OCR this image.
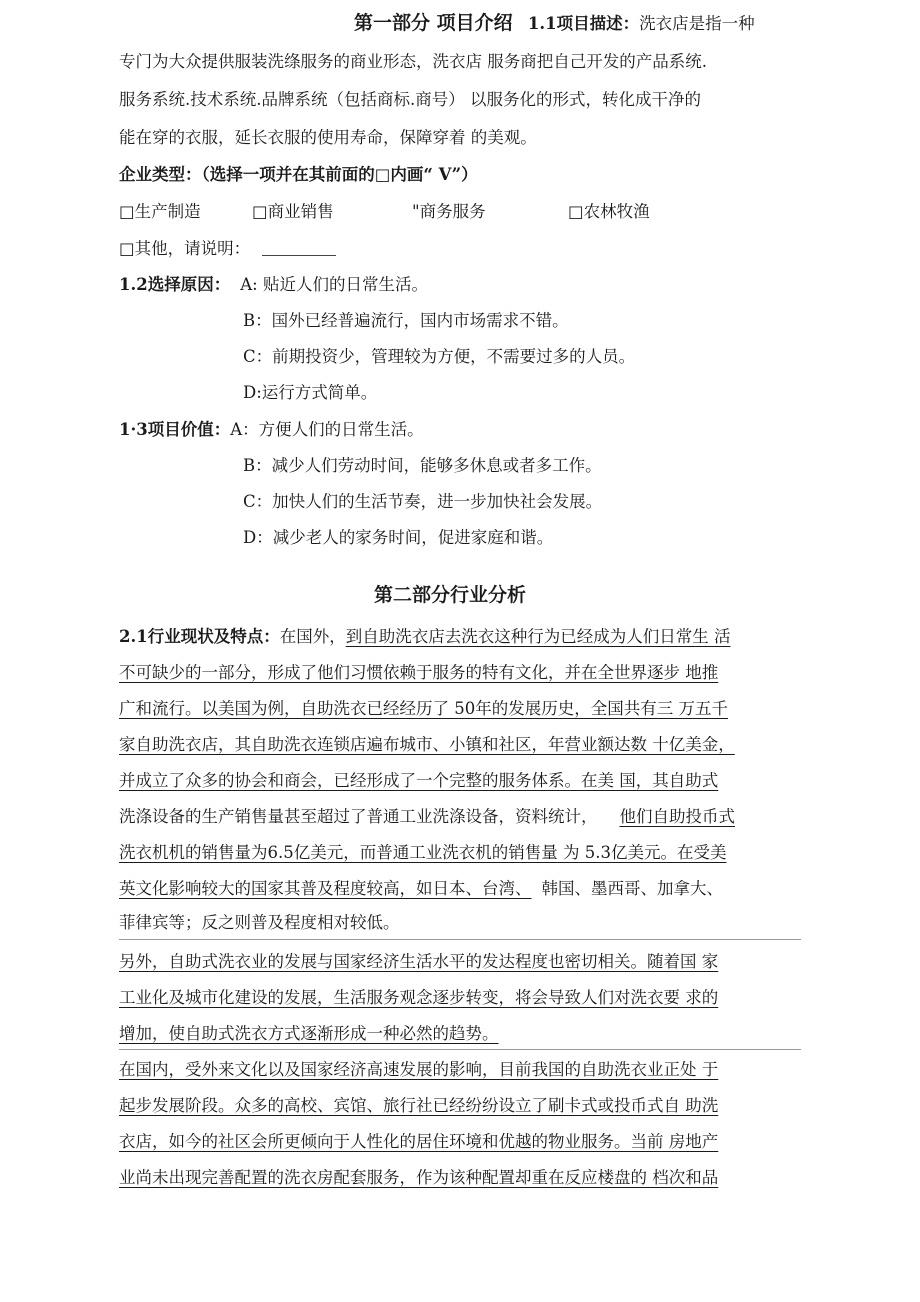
第一部分 项目介绍 1.1项目描述：洗衣店是指一种
专门为大众提供服装洗绦服务的商业形态，洗衣店 服务商把自己开发的产品系统.
服务系统.技术系统.品牌系统（包括商标.商号） 以服务化的形式，转化成干净的
能在穿的衣服，延长衣服的使用寿命，保障穿着 的美观。
企业类型：（选择一项并在其前面的□内画“ V”）
□生产制造	□商业销售	"商务服务	□农林牧渔
□其他，请说明：
1.2选择原因： A: 贴近人们的日常生活。
B：国外已经普遍流行，国内市场需求不错。
C：前期投资少，管理较为方便，不需要过多的人员。
D:运行方式简单。
1·3项目价值：A：方便人们的日常生活。
B：减少人们劳动时间，能够多休息或者多工作。
C：加快人们的生活节奏，进一步加快社会发展。
D：减少老人的家务时间，促进家庭和谐。
第二部分行业分析
2.1行业现状及特点：在国外，到自助洗衣店去洗衣这种行为已经成为人们日常生 活
不可缺少的一部分，形成了他们习惯依赖于服务的特有文化，并在全世界逐步 地推
广和流行。以美国为例，自助洗衣已经经历了 50年的发展历史，全国共有三 万五千
家自助洗衣店，其自助洗衣连锁店遍布城市、小镇和社区，年营业额达数 十亿美金，
并成立了众多的协会和商会，已经形成了一个完整的服务体系。在美 国，其自助式
洗涤设备的生产销售量甚至超过了普通工业洗涤设备，资料统计， 他们自助投币式
洗衣机机的销售量为6.5亿美元，而普通工业洗衣机的销售量 为 5.3亿美元。在受美
英文化影响较大的国家其普及程度较高，如日本、台湾、 韩国、墨西哥、加拿大、
菲律宾等；反之则普及程度相对较低。
另外，自助式洗衣业的发展与国家经济生活水平的发达程度也密切相关。随着国 家
工业化及城市化建设的发展，生活服务观念逐步转变，将会导致人们对洗衣要 求的
增加，使自助式洗衣方式逐渐形成一种必然的趋势。
在国内，受外来文化以及国家经济高速发展的影响，目前我国的自助洗衣业正处 于
起步发展阶段。众多的高校、宾馆、旅行社已经纷纷设立了刷卡式或投币式自 助洗
衣店，如今的社区会所更倾向于人性化的居住环境和优越的物业服务。当前 房地产
业尚未出现完善配置的洗衣房配套服务，作为该种配置却重在反应楼盘的 档次和品
